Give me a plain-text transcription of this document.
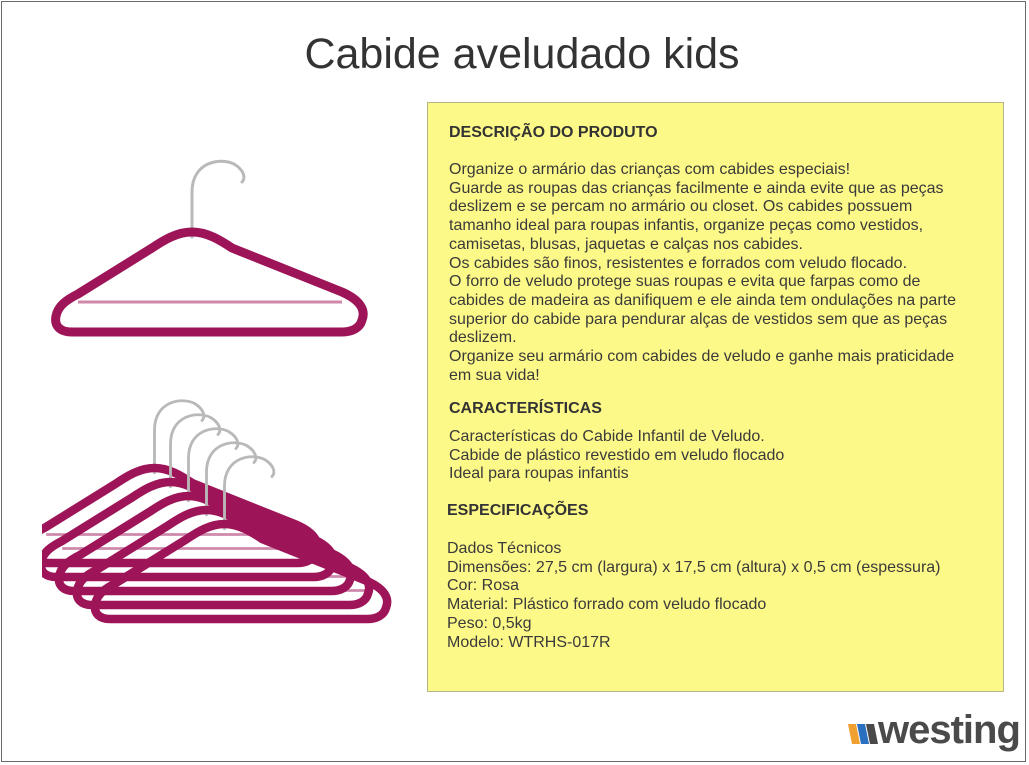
Cabide aveludado kids
DESCRIÇÃO DO PRODUTO
Organize o armário das crianças com cabides especiais!
Guarde as roupas das crianças facilmente e ainda evite que as peças
deslizem e se percam no armário ou closet. Os cabides possuem
tamanho ideal para roupas infantis, organize peças como vestidos,
camisetas, blusas, jaquetas e calças nos cabides.
Os cabides são finos, resistentes e forrados com veludo flocado.
O forro de veludo protege suas roupas e evita que farpas como de
cabides de madeira as danifiquem e ele ainda tem ondulações na parte
superior do cabide para pendurar alças de vestidos sem que as peças
deslizem.
Organize seu armário com cabides de veludo e ganhe mais praticidade
em sua vida!
CARACTERÍSTICAS
Características do Cabide Infantil de Veludo.
Cabide de plástico revestido em veludo flocado
Ideal para roupas infantis
ESPECIFICAÇÕES
Dados Técnicos
Dimensões: 27,5 cm (largura) x 17,5 cm (altura) x 0,5 cm (espessura)
Cor: Rosa
Material: Plástico forrado com veludo flocado
Peso: 0,5kg
Modelo: WTRHS-017R
westing
